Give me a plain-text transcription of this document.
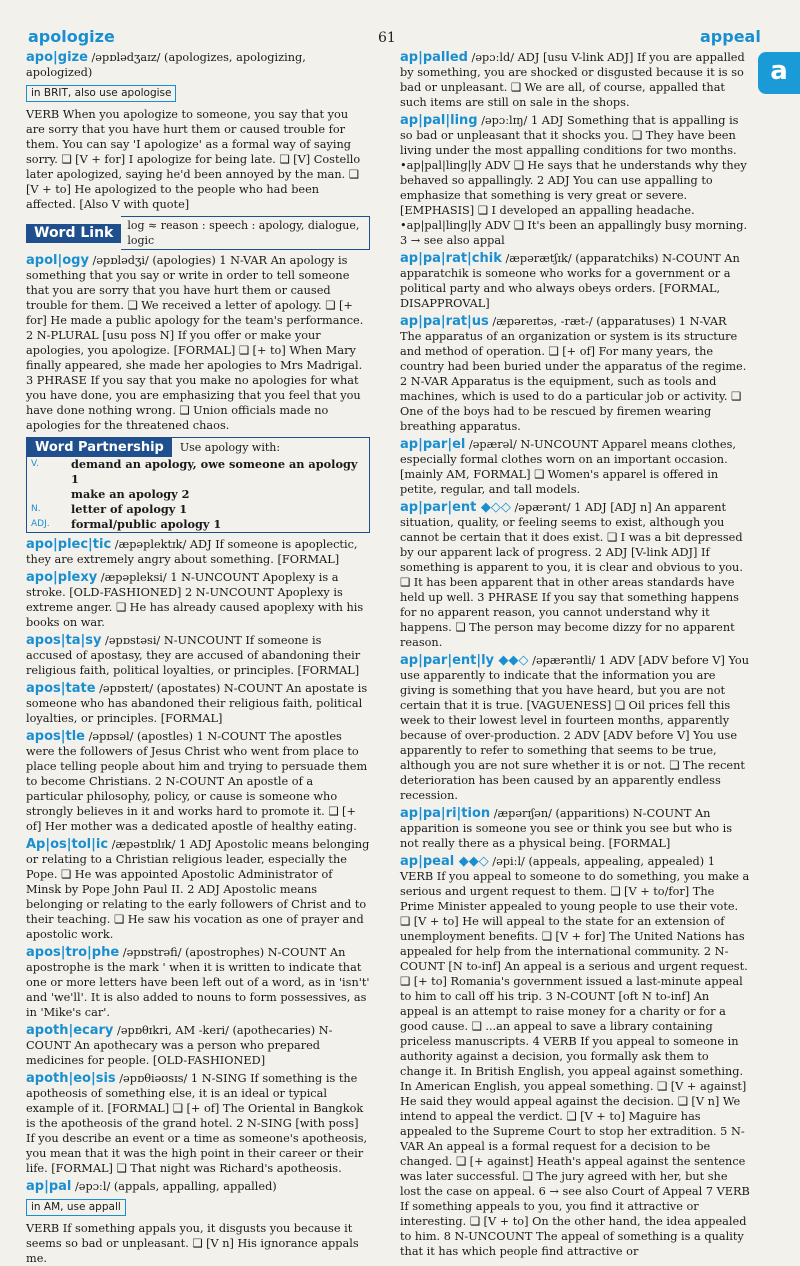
apologize	61	appeal
a
apo|gize /əpɒlədʒaɪz/ (apologizes, apologizing, apologized)
in BRIT, also use apologise
VERB When you apologize to someone, you say that you are sorry that you have hurt them or caused trouble for them. You can say 'I apologize' as a formal way of saying sorry. ❑ [V + for] I apologize for being late. ❑ [V] Costello later apologized, saying he'd been annoyed by the man. ❑ [V + to] He apologized to the people who had been affected. [Also V with quote]
Word Link	log ≈ reason : speech : apology, dialogue, logic
apol|ogy /əpɒlədʒi/ (apologies) 1 N-VAR An apology is something that you say or write in order to tell someone that you are sorry that you have hurt them or caused trouble for them. ❑ We received a letter of apology. ❑ [+ for] He made a public apology for the team's performance. 2 N-PLURAL [usu poss N] If you offer or make your apologies, you apologize. [FORMAL] ❑ [+ to] When Mary finally appeared, she made her apologies to Mrs Madrigal. 3 PHRASE If you say that you make no apologies for what you have done, you are emphasizing that you feel that you have done nothing wrong. ❑ Union officials made no apologies for the threatened chaos.
Word Partnership	Use apology with:
V.	demand an apology, owe someone an apology 1
make an apology 2
N.	letter of apology 1
ADJ.	formal/public apology 1
apo|plec|tic /æpəplektɪk/ ADJ If someone is apoplectic, they are extremely angry about something. [FORMAL]
apo|plexy /æpəpleksi/ 1 N-UNCOUNT Apoplexy is a stroke. [OLD-FASHIONED] 2 N-UNCOUNT Apoplexy is extreme anger. ❑ He has already caused apoplexy with his books on war.
apos|ta|sy /əpɒstəsi/ N-UNCOUNT If someone is accused of apostasy, they are accused of abandoning their religious faith, political loyalties, or principles. [FORMAL]
apos|tate /əpɒsteɪt/ (apostates) N-COUNT An apostate is someone who has abandoned their religious faith, political loyalties, or principles. [FORMAL]
apos|tle /əpɒsəl/ (apostles) 1 N-COUNT The apostles were the followers of Jesus Christ who went from place to place telling people about him and trying to persuade them to become Christians. 2 N-COUNT An apostle of a particular philosophy, policy, or cause is someone who strongly believes in it and works hard to promote it. ❑ [+ of] Her mother was a dedicated apostle of healthy eating.
Ap|os|tol|ic /æpəstɒlɪk/ 1 ADJ Apostolic means belonging or relating to a Christian religious leader, especially the Pope. ❑ He was appointed Apostolic Administrator of Minsk by Pope John Paul II. 2 ADJ Apostolic means belonging or relating to the early followers of Christ and to their teaching. ❑ He saw his vocation as one of prayer and apostolic work.
apos|tro|phe /əpɒstrəfi/ (apostrophes) N-COUNT An apostrophe is the mark ' when it is written to indicate that one or more letters have been left out of a word, as in 'isn't' and 'we'll'. It is also added to nouns to form possessives, as in 'Mike's car'.
apoth|ecary /əpɒθɪkri, AM -keri/ (apothecaries) N-COUNT An apothecary was a person who prepared medicines for people. [OLD-FASHIONED]
apoth|eo|sis /əpɒθiəʊsɪs/ 1 N-SING If something is the apotheosis of something else, it is an ideal or typical example of it. [FORMAL] ❑ [+ of] The Oriental in Bangkok is the apotheosis of the grand hotel. 2 N-SING [with poss] If you describe an event or a time as someone's apotheosis, you mean that it was the high point in their career or their life. [FORMAL] ❑ That night was Richard's apotheosis.
ap|pal /əpɔːl/ (appals, appalling, appalled)
in AM, use appall
VERB If something appals you, it disgusts you because it seems so bad or unpleasant. ❑ [V n] His ignorance appals me.
ap|palled /əpɔːld/ ADJ [usu V-link ADJ] If you are appalled by something, you are shocked or disgusted because it is so bad or unpleasant. ❑ We are all, of course, appalled that such items are still on sale in the shops.
ap|pal|ling /əpɔːlɪŋ/ 1 ADJ Something that is appalling is so bad or unpleasant that it shocks you. ❑ They have been living under the most appalling conditions for two months. •ap|pal|ling|ly ADV ❑ He says that he understands why they behaved so appallingly. 2 ADJ You can use appalling to emphasize that something is very great or severe. [EMPHASIS] ❑ I developed an appalling headache. •ap|pal|ling|ly ADV ❑ It's been an appallingly busy morning. 3 → see also appal
ap|pa|rat|chik /æpərætʃɪk/ (apparatchiks) N-COUNT An apparatchik is someone who works for a government or a political party and who always obeys orders. [FORMAL, DISAPPROVAL]
ap|pa|rat|us /æpəreɪtəs, -ræt-/ (apparatuses) 1 N-VAR The apparatus of an organization or system is its structure and method of operation. ❑ [+ of] For many years, the country had been buried under the apparatus of the regime. 2 N-VAR Apparatus is the equipment, such as tools and machines, which is used to do a particular job or activity. ❑ One of the boys had to be rescued by firemen wearing breathing apparatus.
ap|par|el /əpærəl/ N-UNCOUNT Apparel means clothes, especially formal clothes worn on an important occasion. [mainly AM, FORMAL] ❑ Women's apparel is offered in petite, regular, and tall models.
ap|par|ent ◆◇◇ /əpærənt/ 1 ADJ [ADJ n] An apparent situation, quality, or feeling seems to exist, although you cannot be certain that it does exist. ❑ I was a bit depressed by our apparent lack of progress. 2 ADJ [V-link ADJ] If something is apparent to you, it is clear and obvious to you. ❑ It has been apparent that in other areas standards have held up well. 3 PHRASE If you say that something happens for no apparent reason, you cannot understand why it happens. ❑ The person may become dizzy for no apparent reason.
ap|par|ent|ly ◆◆◇ /əpærəntli/ 1 ADV [ADV before V] You use apparently to indicate that the information you are giving is something that you have heard, but you are not certain that it is true. [VAGUENESS] ❑ Oil prices fell this week to their lowest level in fourteen months, apparently because of over-production. 2 ADV [ADV before V] You use apparently to refer to something that seems to be true, although you are not sure whether it is or not. ❑ The recent deterioration has been caused by an apparently endless recession.
ap|pa|ri|tion /æpərɪʃən/ (apparitions) N-COUNT An apparition is someone you see or think you see but who is not really there as a physical being. [FORMAL]
ap|peal ◆◆◇ /əpiːl/ (appeals, appealing, appealed) 1 VERB If you appeal to someone to do something, you make a serious and urgent request to them. ❑ [V + to/for] The Prime Minister appealed to young people to use their vote. ❑ [V + to] He will appeal to the state for an extension of unemployment benefits. ❑ [V + for] The United Nations has appealed for help from the international community. 2 N-COUNT [N to-inf] An appeal is a serious and urgent request. ❑ [+ to] Romania's government issued a last-minute appeal to him to call off his trip. 3 N-COUNT [oft N to-inf] An appeal is an attempt to raise money for a charity or for a good cause. ❑ ...an appeal to save a library containing priceless manuscripts. 4 VERB If you appeal to someone in authority against a decision, you formally ask them to change it. In British English, you appeal against something. In American English, you appeal something. ❑ [V + against] He said they would appeal against the decision. ❑ [V n] We intend to appeal the verdict. ❑ [V + to] Maguire has appealed to the Supreme Court to stop her extradition. 5 N-VAR An appeal is a formal request for a decision to be changed. ❑ [+ against] Heath's appeal against the sentence was later successful. ❑ The jury agreed with her, but she lost the case on appeal. 6 → see also Court of Appeal 7 VERB If something appeals to you, you find it attractive or interesting. ❑ [V + to] On the other hand, the idea appealed to him. 8 N-UNCOUNT The appeal of something is a quality that it has which people find attractive or
